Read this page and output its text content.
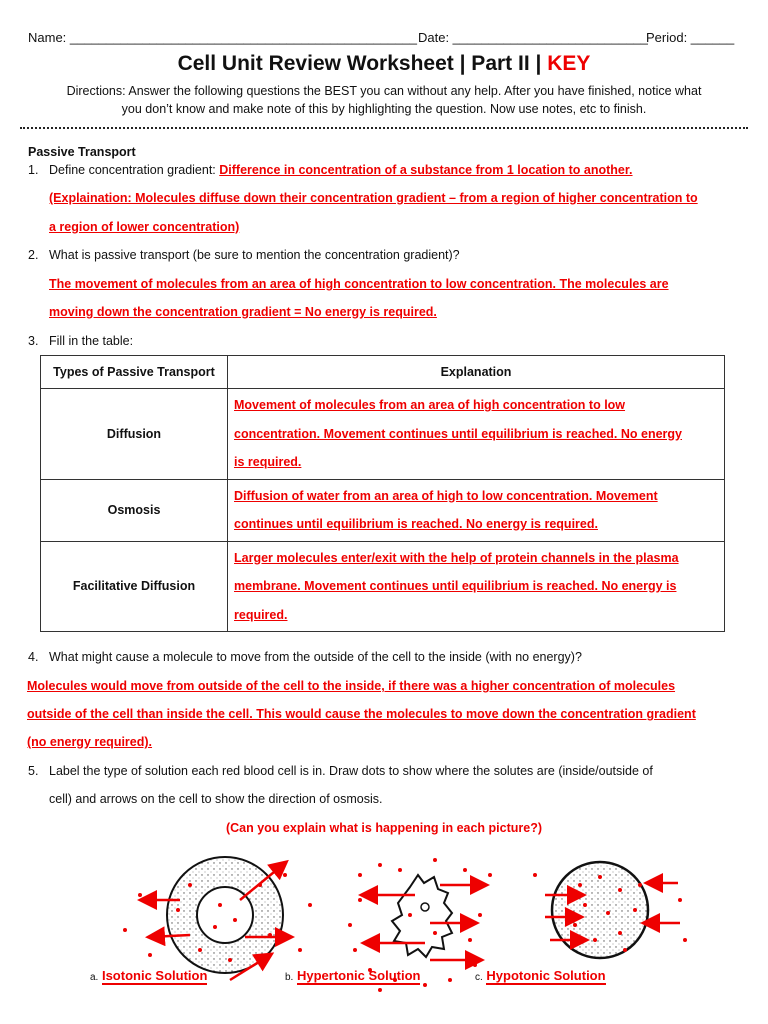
Name: ________________________________________________ Date: ___________________________
Period: ______
Cell Unit Review Worksheet | Part II | KEY
Directions: Answer the following questions the BEST you can without any help. After you have finished, notice what
you don’t know and make note of this by highlighting the question. Now use notes, etc to finish.
Passive Transport
1. Define concentration gradient: Difference in concentration of a substance from 1 location to another.
(Explaination: Molecules diffuse down their concentration gradient – from a region of higher concentration to
a region of lower concentration)
2. What is passive transport (be sure to mention the concentration gradient)?
The movement of molecules from an area of high concentration to low concentration. The molecules are
moving down the concentration gradient = No energy is required.
3. Fill in the table:
Types of Passive Transport	Explanation
Diffusion	Movement of molecules from an area of high concentration to low
concentration. Movement continues until equilibrium is reached. No energy
is required.

Osmosis	Diffusion of water from an area of high to low concentration. Movement
continues until equilibrium is reached. No energy is required.

Facilitative Diffusion	Larger molecules enter/exit with the help of protein channels in the plasma
membrane. Movement continues until equilibrium is reached. No energy is
required.
4. What might cause a molecule to move from the outside of the cell to the inside (with no energy)?
Molecules would move from outside of the cell to the inside, if there was a higher concentration of molecules
outside of the cell than inside the cell. This would cause the molecules to move down the concentration gradient
(no energy required).
5. Label the type of solution each red blood cell is in. Draw dots to show where the solutes are (inside/outside of
cell) and arrows on the cell to show the direction of osmosis.
(Can you explain what is happening in each picture?)
a. Isotonic Solution	b. Hypertonic Solution	c. Hypotonic Solution
